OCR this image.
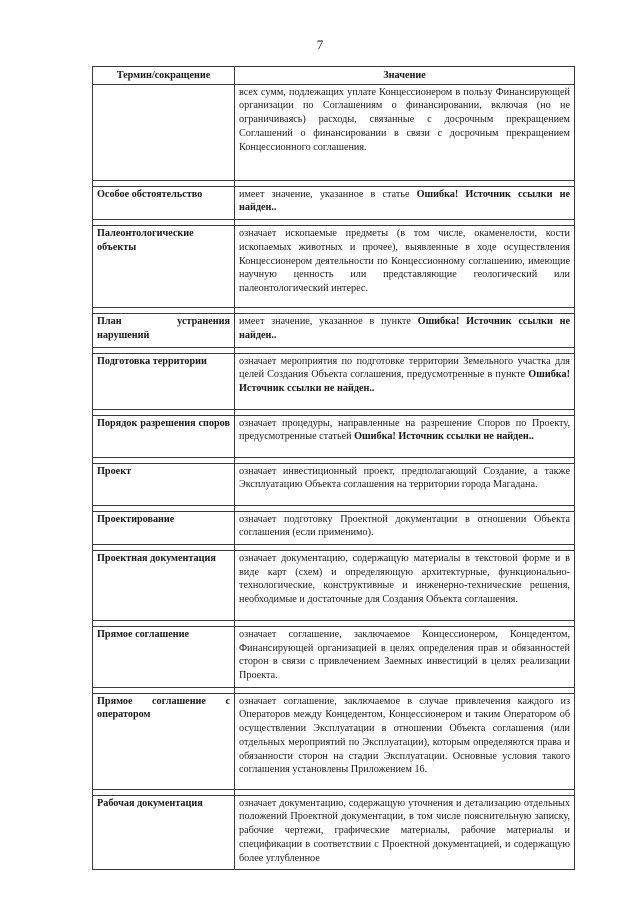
7
Термин/сокращение	Значение
	всех сумм, подлежащих уплате Концессионером в пользу Финансирующей организации по Соглашениям о финансировании, включая (но не ограничиваясь) расходы, связанные с досрочным прекращением Соглашений о финансировании в связи с досрочным прекращением Концессионного соглашения.

Особое обстоятельство	имеет значение, указанное в статье Ошибка! Источник ссылки не найден..

Палеонтологические объекты	означает ископаемые предметы (в том числе, окаменелости, кости ископаемых животных и прочее), выявленные в ходе осуществления Концессионером деятельности по Концессионному соглашению, имеющие научную ценность или представляющие геологический или палеонтологический интерес.

План устранения нарушений	имеет значение, указанное в пункте Ошибка! Источник ссылки не найден..

Подготовка территории	означает мероприятия по подготовке территории Земельного участка для целей Создания Объекта соглашения, предусмотренные в пункте Ошибка! Источник ссылки не найден..

Порядок разрешения споров	означает процедуры, направленные на разрешение Споров по Проекту, предусмотренные статьей Ошибка! Источник ссылки не найден..

Проект	означает инвестиционный проект, предполагающий Создание, а также Эксплуатацию Объекта соглашения на территории города Магадана.

Проектирование	означает подготовку Проектной документации в отношении Объекта соглашения (если применимо).

Проектная документация	означает документацию, содержащую материалы в текстовой форме и в виде карт (схем) и определяющую архитектурные, функционально-технологические, конструктивные и инженерно-технические решения, необходимые и достаточные для Создания Объекта соглашения.

Прямое соглашение	означает соглашение, заключаемое Концессионером, Концедентом, Финансирующей организацией в целях определения прав и обязанностей сторон в связи с привлечением Заемных инвестиций в целях реализации Проекта.

Прямое соглашение с оператором	означает соглашение, заключаемое в случае привлечения каждого из Операторов между Концедентом, Концессионером и таким Оператором об осуществлении Эксплуатации в отношении Объекта соглашения (или отдельных мероприятий по Эксплуатации), которым определяются права и обязанности сторон на стадии Эксплуатации. Основные условия такого соглашения установлены Приложением 16.

Рабочая документация	означает документацию, содержащую уточнения и детализацию отдельных положений Проектной документации, в том числе пояснительную записку, рабочие чертежи, графические материалы, рабочие материалы и спецификации в соответствии с Проектной документацией, и содержащую более углубленное
